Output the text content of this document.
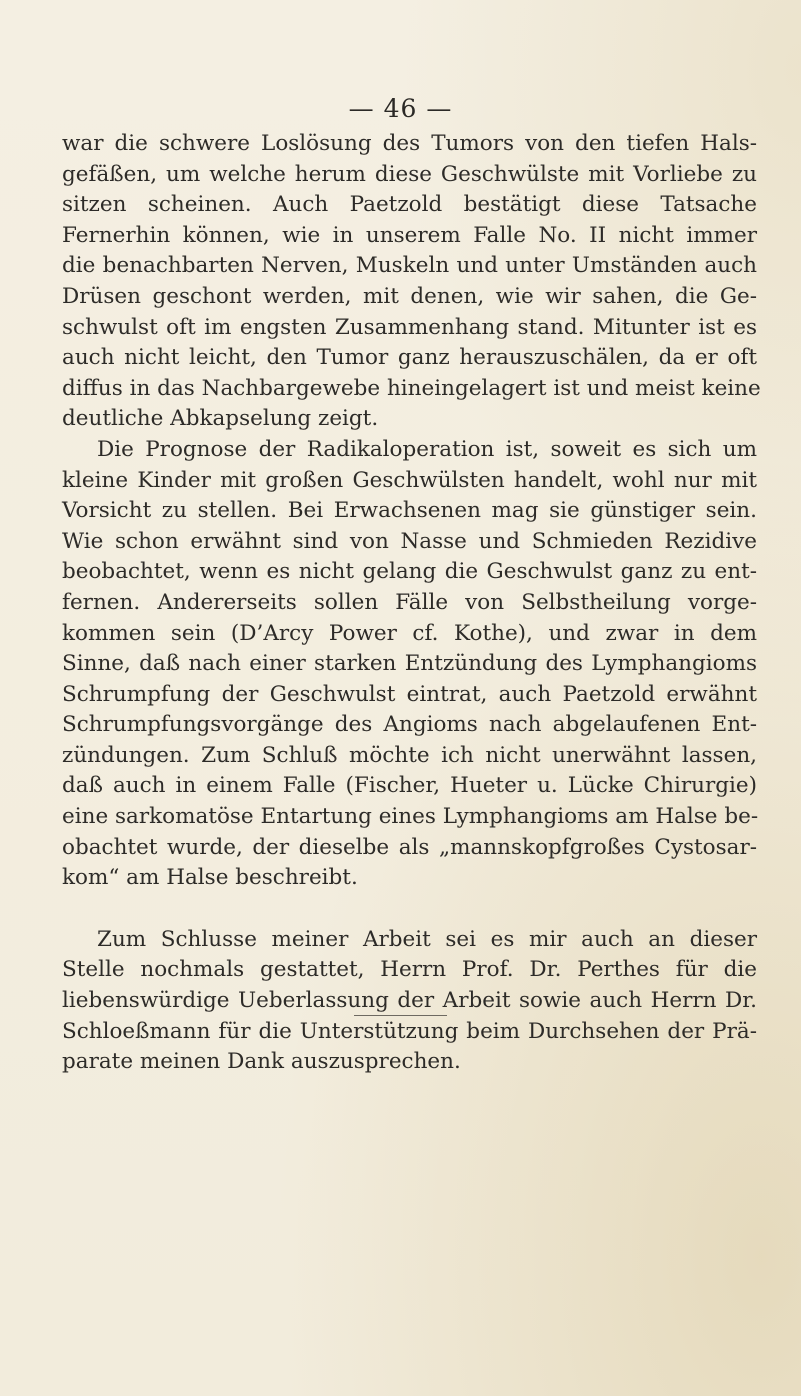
— 46 —
war die schwere Loslösung des Tumors von den tiefen Hals-
gefäßen, um welche herum diese Geschwülste mit Vorliebe zu
sitzen scheinen. Auch Paetzold bestätigt diese Tatsache
Fernerhin können, wie in unserem Falle No. II nicht immer
die benachbarten Nerven, Muskeln und unter Umständen auch
Drüsen geschont werden, mit denen, wie wir sahen, die Ge-
schwulst oft im engsten Zusammenhang stand. Mitunter ist es
auch nicht leicht, den Tumor ganz herauszuschälen, da er oft
diffus in das Nachbargewebe hineingelagert ist und meist keine
deutliche Abkapselung zeigt.
Die Prognose der Radikaloperation ist, soweit es sich um
kleine Kinder mit großen Geschwülsten handelt, wohl nur mit
Vorsicht zu stellen. Bei Erwachsenen mag sie günstiger sein.
Wie schon erwähnt sind von Nasse und Schmieden Rezidive
beobachtet, wenn es nicht gelang die Geschwulst ganz zu ent-
fernen. Andererseits sollen Fälle von Selbstheilung vorge-
kommen sein (D’Arcy Power cf. Kothe), und zwar in dem
Sinne, daß nach einer starken Entzündung des Lymphangioms
Schrumpfung der Geschwulst eintrat, auch Paetzold erwähnt
Schrumpfungsvorgänge des Angioms nach abgelaufenen Ent-
zündungen. Zum Schluß möchte ich nicht unerwähnt lassen,
daß auch in einem Falle (Fischer, Hueter u. Lücke Chirurgie)
eine sarkomatöse Entartung eines Lymphangioms am Halse be-
obachtet wurde, der dieselbe als „mannskopfgroßes Cystosar-
kom“ am Halse beschreibt.
Zum Schlusse meiner Arbeit sei es mir auch an dieser
Stelle nochmals gestattet, Herrn Prof. Dr. Perthes für die
liebenswürdige Ueberlassung der Arbeit sowie auch Herrn Dr.
Schloeßmann für die Unterstützung beim Durchsehen der Prä-
parate meinen Dank auszusprechen.
